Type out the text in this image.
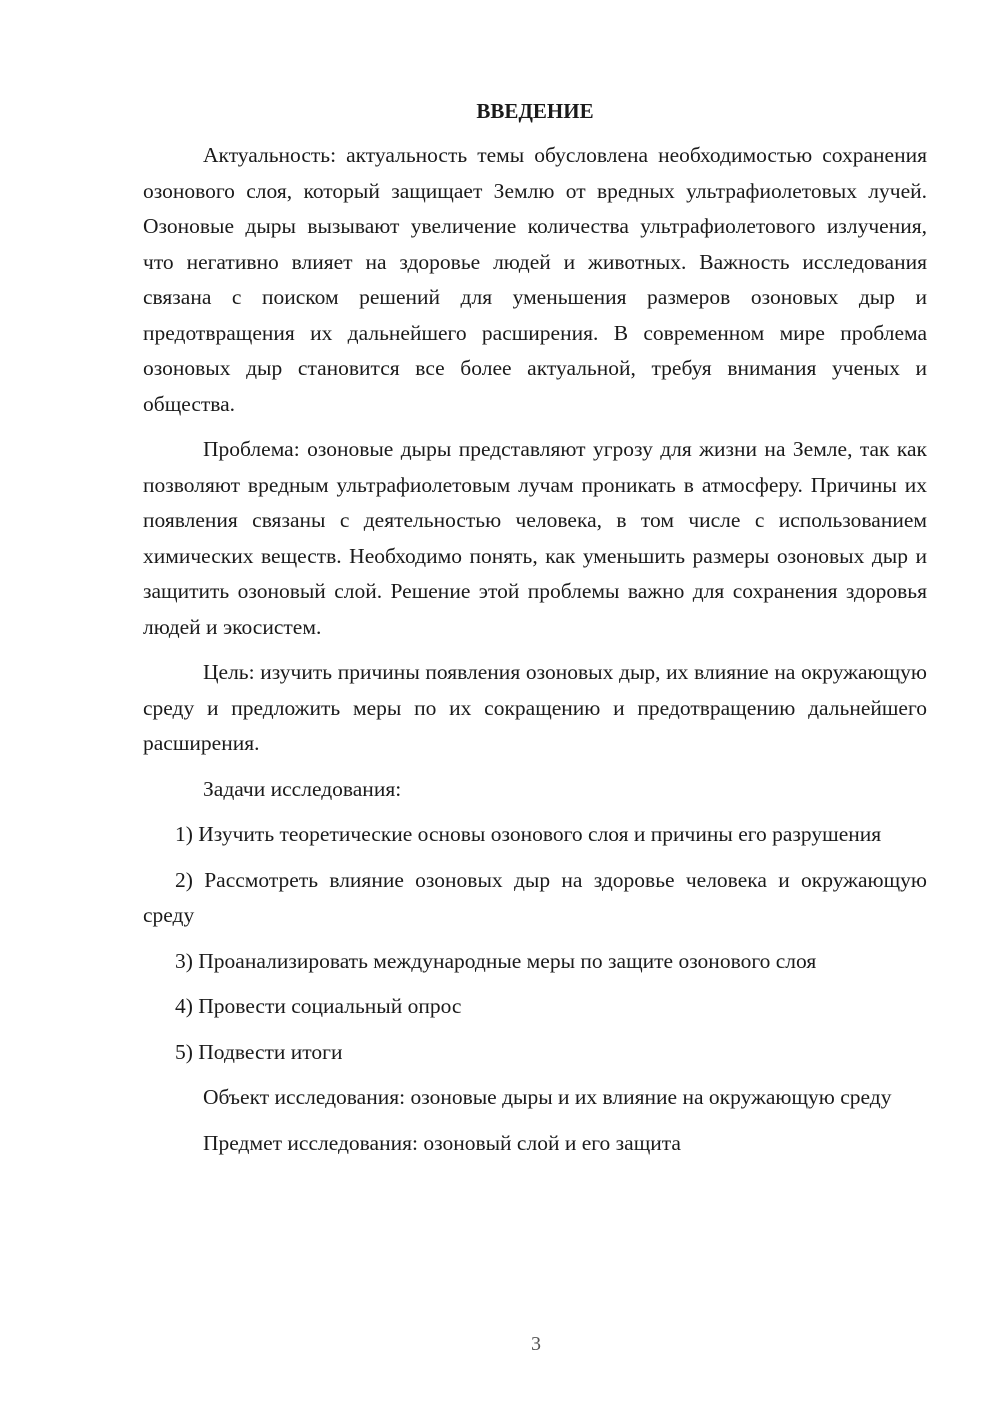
ВВЕДЕНИЕ

Актуальность: актуальность темы обусловлена необходимостью сохранения озонового слоя, который защищает Землю от вредных ультрафиолетовых лучей. Озоновые дыры вызывают увеличение количества ультрафиолетового излучения, что негативно влияет на здоровье людей и животных. Важность исследования связана с поиском решений для уменьшения размеров озоновых дыр и предотвращения их дальнейшего расширения. В современном мире проблема озоновых дыр становится все более актуальной, требуя внимания ученых и общества.

Проблема: озоновые дыры представляют угрозу для жизни на Земле, так как позволяют вредным ультрафиолетовым лучам проникать в атмосферу. Причины их появления связаны с деятельностью человека, в том числе с использованием химических веществ. Необходимо понять, как уменьшить размеры озоновых дыр и защитить озоновый слой. Решение этой проблемы важно для сохранения здоровья людей и экосистем.

Цель: изучить причины появления озоновых дыр, их влияние на окружающую среду и предложить меры по их сокращению и предотвращению дальнейшего расширения.

Задачи исследования:

1) Изучить теоретические основы озонового слоя и причины его разрушения

2) Рассмотреть влияние озоновых дыр на здоровье человека и окружающую среду

3) Проанализировать международные меры по защите озонового слоя

4) Провести социальный опрос

5) Подвести итоги

Объект исследования: озоновые дыры и их влияние на окружающую среду

Предмет исследования: озоновый слой и его защита

3
